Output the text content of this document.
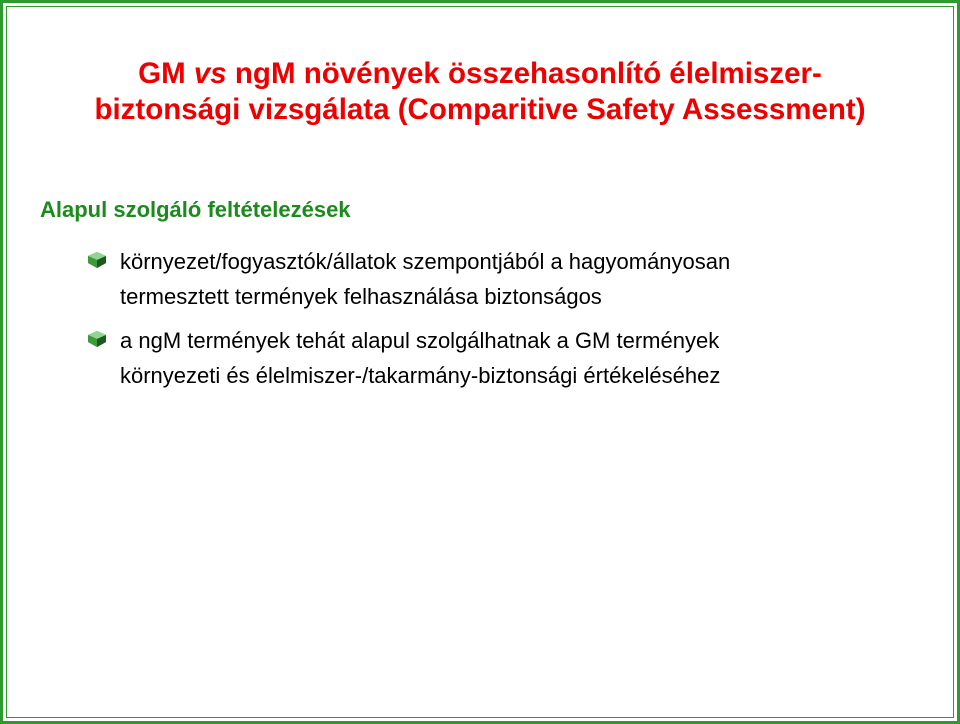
GM vs ngM növények összehasonlító élelmiszer-
biztonsági vizsgálata (Comparitive Safety Assessment)
Alapul szolgáló feltételezések
környezet/fogyasztók/állatok szempontjából a hagyományosan
termesztett termények felhasználása biztonságos
a ngM termények tehát alapul szolgálhatnak a GM termények
környezeti és élelmiszer-/takarmány-biztonsági értékeléséhez
